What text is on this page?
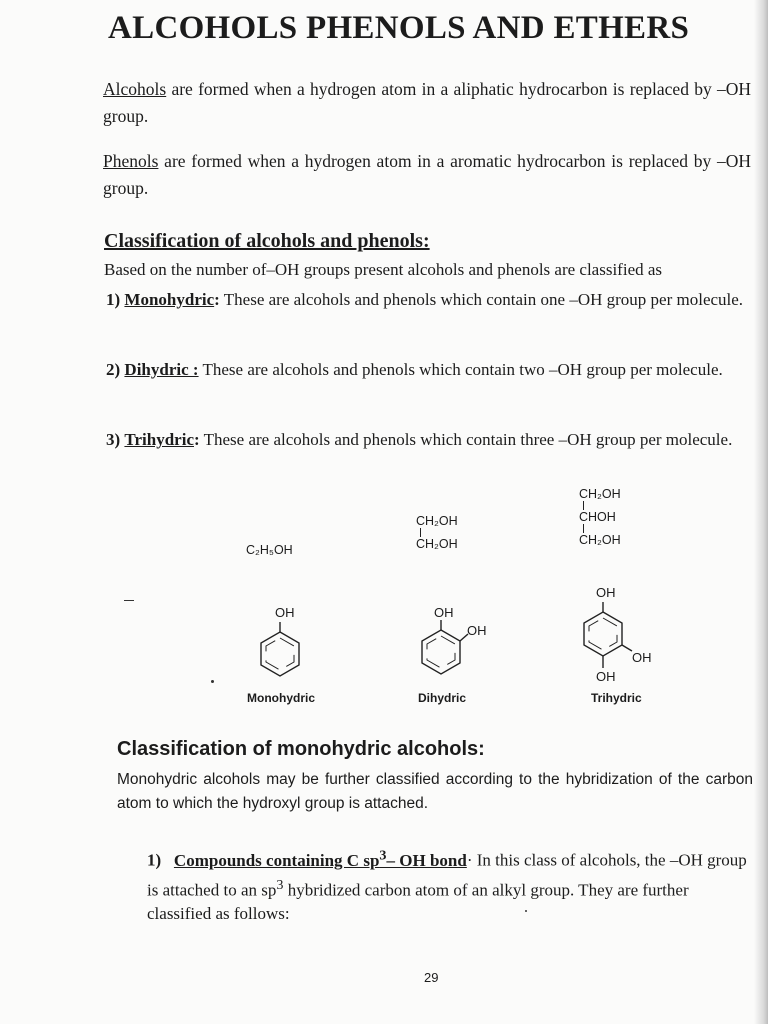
ALCOHOLS PHENOLS AND ETHERS

Alcohols are formed when a hydrogen atom in a aliphatic hydrocarbon is replaced by –OH group.

Phenols are formed when a hydrogen atom in a aromatic hydrocarbon is replaced by –OH group.

Classification of alcohols and phenols:
Based on the number of–OH groups present alcohols and phenols are classified as

1) Monohydric: These are alcohols and phenols which contain one –OH group per molecule.

2) Dihydric : These are alcohols and phenols which contain two –OH group per molecule.

3) Trihydric: These are alcohols and phenols which contain three –OH group per molecule.

C₂H₅OH
CH₂OH
CH₂OH
CH₂OH
CHOH
CH₂OH
OH	OH
OH
OH
OH
OH
Monohydric	Dihydric	Trihydric
Classification of monohydric alcohols:

Monohydric alcohols may be further classified according to the hybridization of the carbon atom to which the hydroxyl group is attached.

1) Compounds containing C $sp^3-$ OH bond· In this class of alcohols, the –OH group is attached to an $sp^3$ hybridized carbon atom of an alkyl group. They are further classified as follows:

29
